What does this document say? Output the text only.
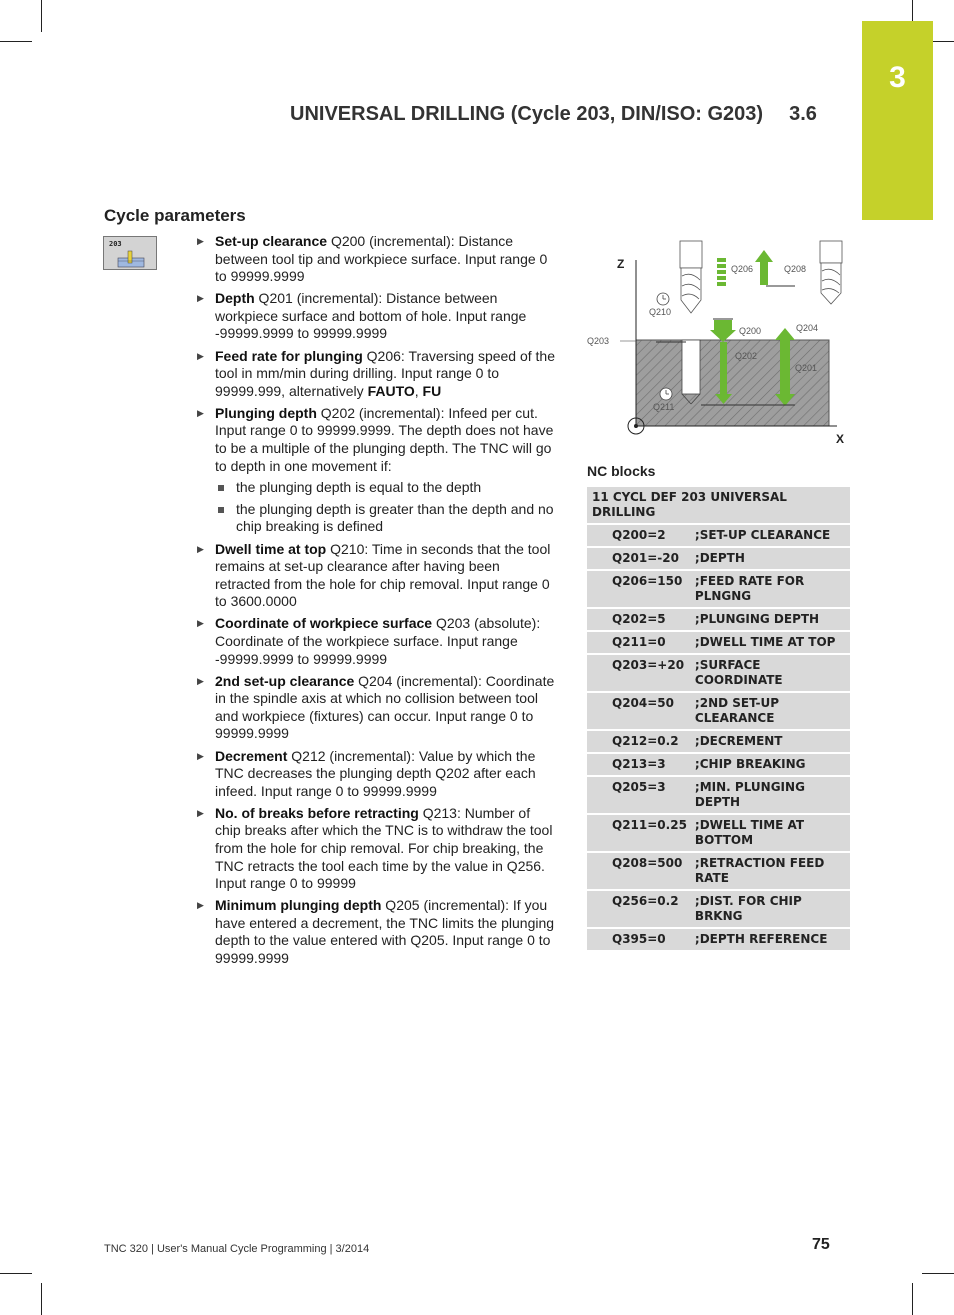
3
UNIVERSAL DRILLING (Cycle 203, DIN/ISO: G203) 3.6
Cycle parameters
203	▶ Set-up clearance Q200 (incremental): Distance between tool tip and workpiece surface. Input range 0 to 99999.9999
▶ Depth Q201 (incremental): Distance between workpiece surface and bottom of hole. Input range -99999.9999 to 99999.9999
▶ Feed rate for plunging Q206: Traversing speed of the tool in mm/min during drilling. Input range 0 to 99999.999, alternatively FAUTO, FU
▶ Plunging depth Q202 (incremental): Infeed per cut. Input range 0 to 99999.9999. The depth does not have to be a multiple of the plunging depth. The TNC will go to depth in one movement if:
the plunging depth is equal to the depth
the plunging depth is greater than the depth and no chip breaking is defined
▶ Dwell time at top Q210: Time in seconds that the tool remains at set-up clearance after having been retracted from the hole for chip removal. Input range 0 to 3600.0000
▶ Coordinate of workpiece surface Q203 (absolute): Coordinate of the workpiece surface. Input range -99999.9999 to 99999.9999
▶ 2nd set-up clearance Q204 (incremental): Coordinate in the spindle axis at which no collision between tool and workpiece (fixtures) can occur. Input range 0 to 99999.9999
▶ Decrement Q212 (incremental): Value by which the TNC decreases the plunging depth Q202 after each infeed. Input range 0 to 99999.9999
▶ No. of breaks before retracting Q213: Number of chip breaks after which the TNC is to withdraw the tool from the hole for chip removal. For chip breaking, the TNC retracts the tool each time by the value in Q256. Input range 0 to 99999
▶ Minimum plunging depth Q205 (incremental): If you have entered a decrement, the TNC limits the plunging depth to the value entered with Q205. Input range 0 to 99999.9999
Z
X
Q206	Q208
Q210
Q200	Q204
Q203
Q202
Q201
Q211
NC blocks
11 CYCL DEF 203 UNIVERSAL DRILLING	
Q200=2	;SET-UP CLEARANCE
Q201=-20	;DEPTH
Q206=150	;FEED RATE FOR PLNGNG
Q202=5	;PLUNGING DEPTH
Q211=0	;DWELL TIME AT TOP
Q203=+20	;SURFACE COORDINATE
Q204=50	;2ND SET-UP CLEARANCE
Q212=0.2	;DECREMENT
Q213=3	;CHIP BREAKING
Q205=3	;MIN. PLUNGING DEPTH
Q211=0.25	;DWELL TIME AT BOTTOM
Q208=500	;RETRACTION FEED RATE
Q256=0.2	;DIST. FOR CHIP BRKNG
Q395=0	;DEPTH REFERENCE
TNC 320 | User's Manual Cycle Programming | 3/2014	75
